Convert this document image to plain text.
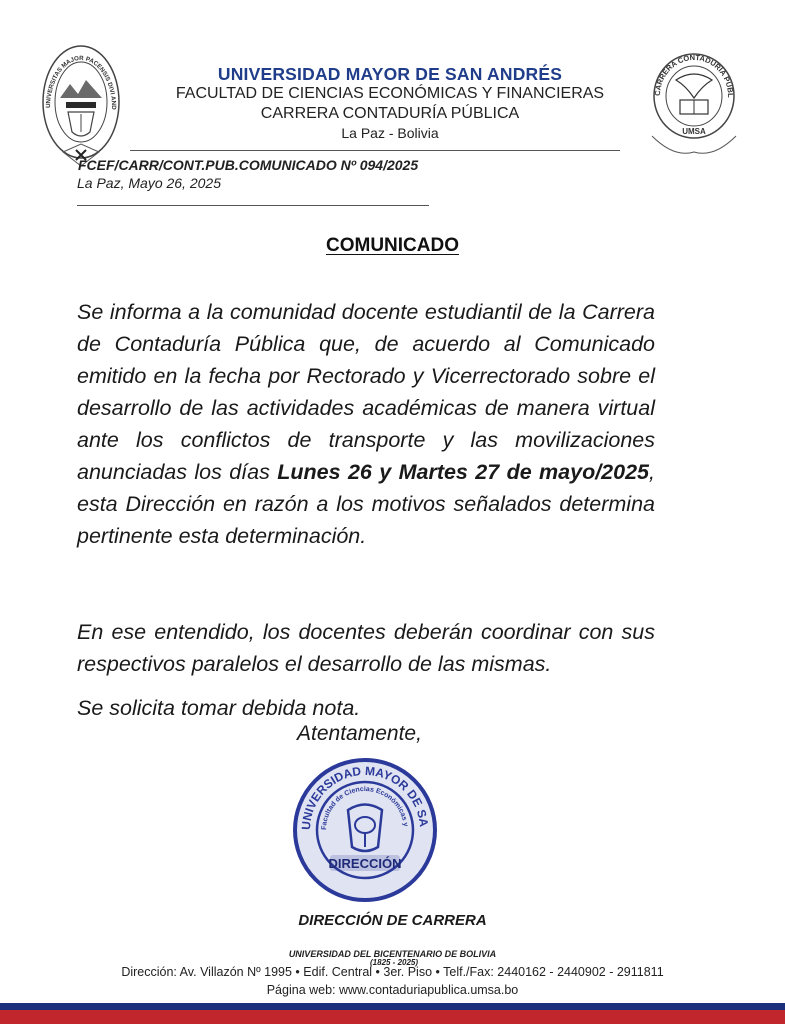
UNIVERSITAS MAJOR PACENSIS DIVI AND
UNIVERSIDAD MAYOR DE SAN ANDRÉS
FACULTAD DE CIENCIAS ECONÓMICAS Y FINANCIERAS
CARRERA CONTADURÍA PÚBLICA
La Paz - Bolivia
CARRERA CONTADURÍA PÚBL
UMSA
FCEF/CARR/CONT.PUB.COMUNICADO Nº 094/2025
La Paz, Mayo 26, 2025
COMUNICADO

Se informa a la comunidad docente estudiantil de la Carrera de Contaduría Pública que, de acuerdo al Comunicado emitido en la fecha por Rectorado y Vicerrectorado sobre el desarrollo de las actividades académicas de manera virtual ante los conflictos de transporte y las movilizaciones anunciadas los días Lunes 26 y Martes 27 de mayo/2025, esta Dirección en razón a los motivos señalados determina pertinente esta determinación.

En ese entendido, los docentes deberán coordinar con sus respectivos paralelos el desarrollo de las mismas.

Se solicita tomar debida nota.

Atentamente,
UNIVERSIDAD MAYOR DE SA
Facultad de Ciencias Económicas y
DIRECCIÓN
DIRECCIÓN DE CARRERA
UNIVERSIDAD DEL BICENTENARIO DE BOLIVIA
(1825 - 2025)
Dirección: Av. Villazón Nº 1995 • Edif. Central • 3er. Piso • Telf./Fax: 2440162 - 2440902 - 2911811
Página web: www.contaduriapublica.umsa.bo
